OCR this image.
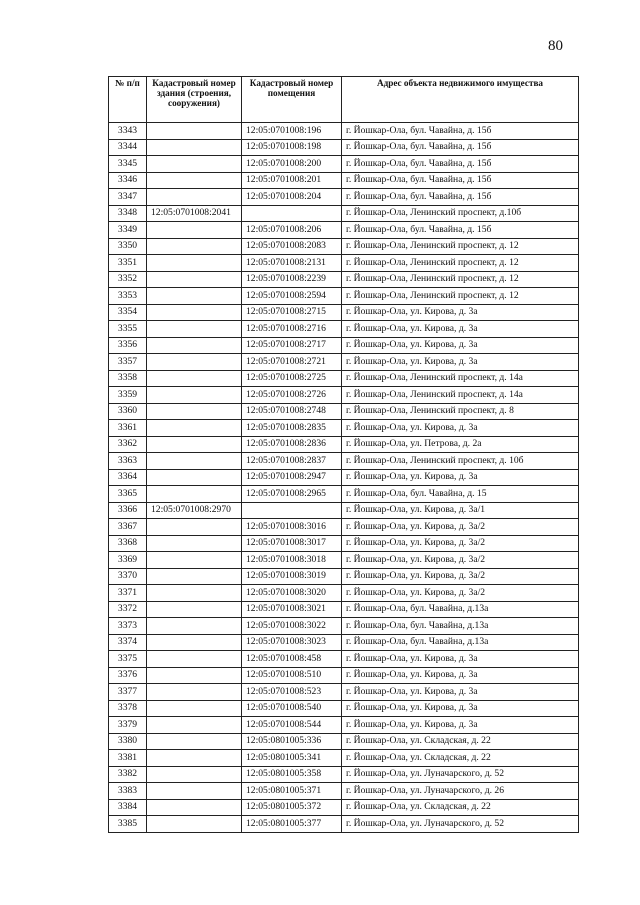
80
№ п/п	Кадастровый номер здания (строения, сооружения)	Кадастровый номер помещения	Адрес объекта недвижимого имущества
3343		12:05:0701008:196	г. Йошкар-Ола, бул. Чавайна, д. 15б
3344		12:05:0701008:198	г. Йошкар-Ола, бул. Чавайна, д. 15б
3345		12:05:0701008:200	г. Йошкар-Ола, бул. Чавайна, д. 15б
3346		12:05:0701008:201	г. Йошкар-Ола, бул. Чавайна, д. 15б
3347		12:05:0701008:204	г. Йошкар-Ола, бул. Чавайна, д. 15б
3348	12:05:0701008:2041		г. Йошкар-Ола, Ленинский проспект, д.10б
3349		12:05:0701008:206	г. Йошкар-Ола, бул. Чавайна, д. 15б
3350		12:05:0701008:2083	г. Йошкар-Ола, Ленинский проспект, д. 12
3351		12:05:0701008:2131	г. Йошкар-Ола, Ленинский проспект, д. 12
3352		12:05:0701008:2239	г. Йошкар-Ола, Ленинский проспект, д. 12
3353		12:05:0701008:2594	г. Йошкар-Ола, Ленинский проспект, д. 12
3354		12:05:0701008:2715	г. Йошкар-Ола, ул. Кирова, д. 3а
3355		12:05:0701008:2716	г. Йошкар-Ола, ул. Кирова, д. 3а
3356		12:05:0701008:2717	г. Йошкар-Ола, ул. Кирова, д. 3а
3357		12:05:0701008:2721	г. Йошкар-Ола, ул. Кирова, д. 3а
3358		12:05:0701008:2725	г. Йошкар-Ола, Ленинский проспект, д. 14а
3359		12:05:0701008:2726	г. Йошкар-Ола, Ленинский проспект, д. 14а
3360		12:05:0701008:2748	г. Йошкар-Ола, Ленинский проспект, д. 8
3361		12:05:0701008:2835	г. Йошкар-Ола, ул. Кирова, д. 3а
3362		12:05:0701008:2836	г. Йошкар-Ола, ул. Петрова, д. 2а
3363		12:05:0701008:2837	г. Йошкар-Ола, Ленинский проспект, д. 10б
3364		12:05:0701008:2947	г. Йошкар-Ола, ул. Кирова, д. 3а
3365		12:05:0701008:2965	г. Йошкар-Ола, бул. Чавайна, д. 15
3366	12:05:0701008:2970		г. Йошкар-Ола, ул. Кирова, д. 3а/1
3367		12:05:0701008:3016	г. Йошкар-Ола, ул. Кирова, д. 3а/2
3368		12:05:0701008:3017	г. Йошкар-Ола, ул. Кирова, д. 3а/2
3369		12:05:0701008:3018	г. Йошкар-Ола, ул. Кирова, д. 3а/2
3370		12:05:0701008:3019	г. Йошкар-Ола, ул. Кирова, д. 3а/2
3371		12:05:0701008:3020	г. Йошкар-Ола, ул. Кирова, д. 3а/2
3372		12:05:0701008:3021	г. Йошкар-Ола, бул. Чавайна, д.13а
3373		12:05:0701008:3022	г. Йошкар-Ола, бул. Чавайна, д.13а
3374		12:05:0701008:3023	г. Йошкар-Ола, бул. Чавайна, д.13а
3375		12:05:0701008:458	г. Йошкар-Ола, ул. Кирова, д. 3а
3376		12:05:0701008:510	г. Йошкар-Ола, ул. Кирова, д. 3а
3377		12:05:0701008:523	г. Йошкар-Ола, ул. Кирова, д. 3а
3378		12:05:0701008:540	г. Йошкар-Ола, ул. Кирова, д. 3а
3379		12:05:0701008:544	г. Йошкар-Ола, ул. Кирова, д. 3а
3380		12:05:0801005:336	г. Йошкар-Ола, ул. Складская, д. 22
3381		12:05:0801005:341	г. Йошкар-Ола, ул. Складская, д. 22
3382		12:05:0801005:358	г. Йошкар-Ола, ул. Луначарского, д. 52
3383		12:05:0801005:371	г. Йошкар-Ола, ул. Луначарского, д. 26
3384		12:05:0801005:372	г. Йошкар-Ола, ул. Складская, д. 22
3385		12:05:0801005:377	г. Йошкар-Ола, ул. Луначарского, д. 52
